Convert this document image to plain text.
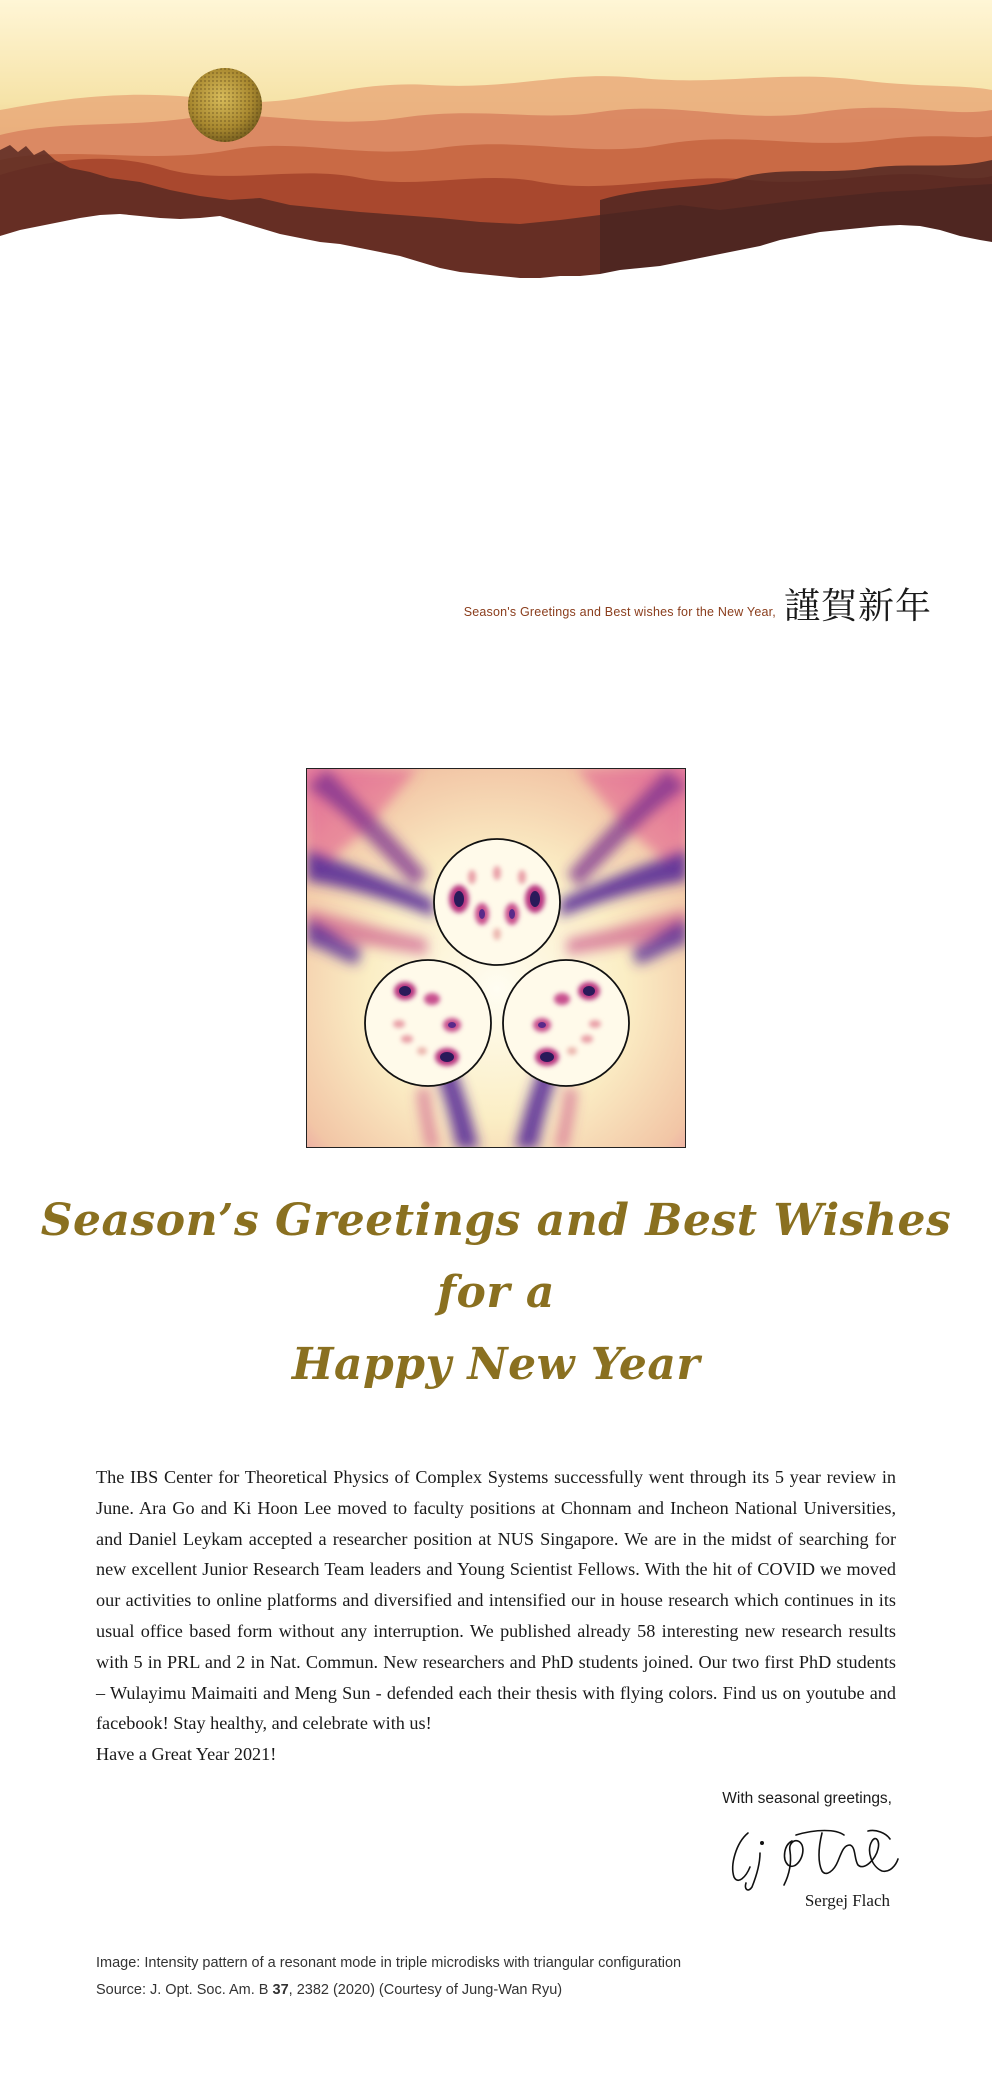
Season's Greetings and Best wishes for the New Year, 謹賀新年
Season’s Greetings and Best Wishes for a
Happy New Year

The IBS Center for Theoretical Physics of Complex Systems successfully went through its 5 year review in June. Ara Go and Ki Hoon Lee moved to faculty positions at Chonnam and Incheon National Universities, and Daniel Leykam accepted a researcher position at NUS Singapore. We are in the midst of searching for new excellent Junior Research Team leaders and Young Scientist Fellows. With the hit of COVID we moved our activities to online platforms and diversified and intensified our in house research which continues in its usual office based form without any interruption. We published already 58 interesting new research results with 5 in PRL and 2 in Nat. Commun. New researchers and PhD students joined. Our two first PhD students – Wulayimu Maimaiti and Meng Sun - defended each their thesis with flying colors. Find us on youtube and facebook! Stay healthy, and celebrate with us!

Have a Great Year 2021!

With seasonal greetings,
Sergej Flach
Image: Intensity pattern of a resonant mode in triple microdisks with triangular configuration
Source: J. Opt. Soc. Am. B 37, 2382 (2020) (Courtesy of Jung-Wan Ryu)
